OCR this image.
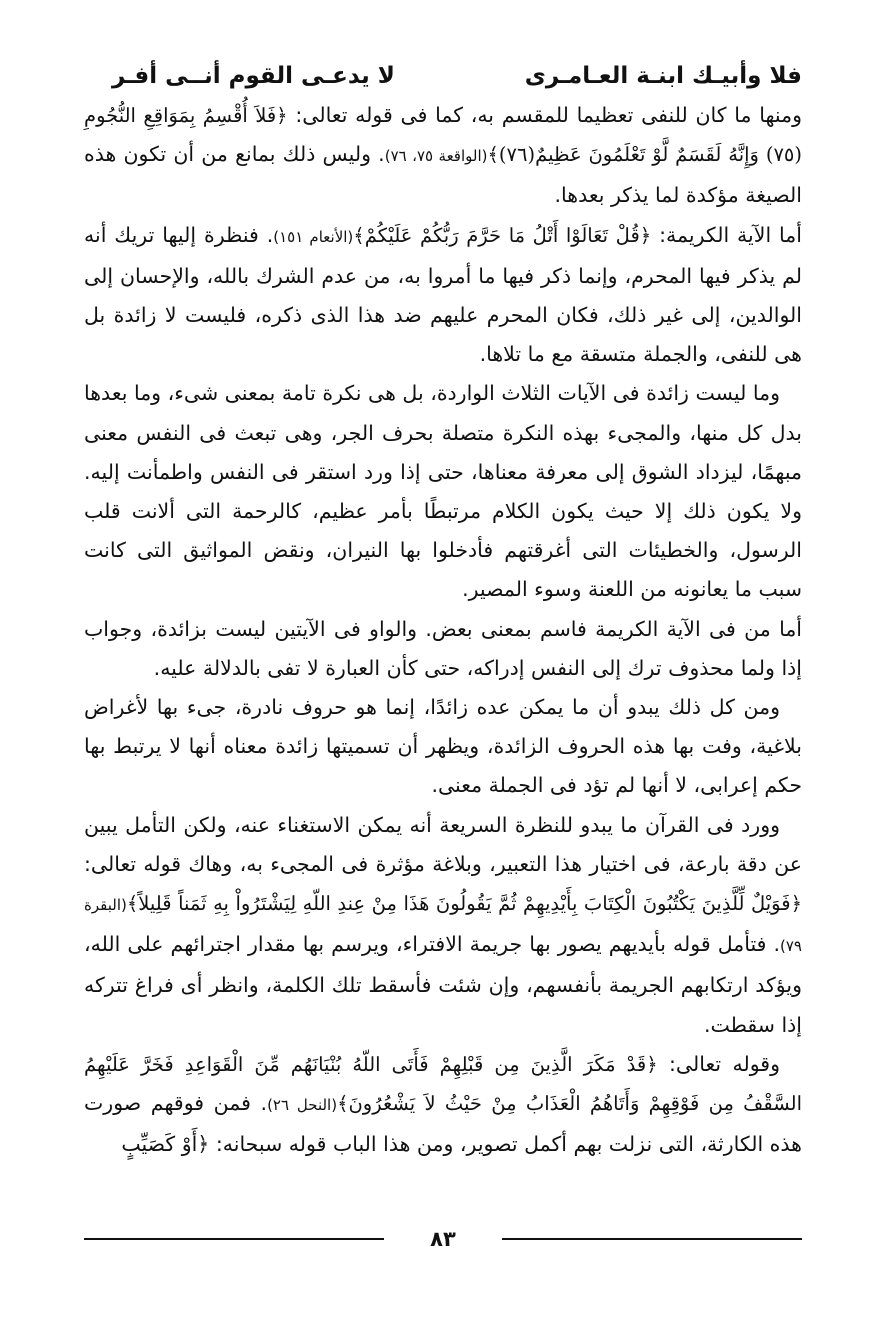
فلا وأبيـك ابنـة العـامـرى
لا يدعـى القوم أنــى أفـر

ومنها ما كان للنفى تعظيما للمقسم به، كما فى قوله تعالى: ﴿فَلاَ أُقْسِمُ بِمَوَاقِعِ النُّجُومِ (٧٥) وَإِنَّهُ لَقَسَمٌ لَّوْ تَعْلَمُونَ عَظِيمٌ(٧٦)﴾(الواقعة ٧٥، ٧٦). وليس ذلك بمانع من أن تكون هذه الصيغة مؤكدة لما يذكر بعدها.

أما الآية الكريمة: ﴿قُلْ تَعَالَوْا أَتْلُ مَا حَرَّمَ رَبُّكُمْ عَلَيْكُمْ﴾(الأنعام ١٥١). فنظرة إليها تريك أنه لم يذكر فيها المحرم، وإنما ذكر فيها ما أمروا به، من عدم الشرك بالله، والإحسان إلى الوالدين، إلى غير ذلك، فكان المحرم عليهم ضد هذا الذى ذكره، فليست لا زائدة بل هى للنفى، والجملة متسقة مع ما تلاها.

وما ليست زائدة فى الآيات الثلاث الواردة، بل هى نكرة تامة بمعنى شىء، وما بعدها بدل كل منها، والمجىء بهذه النكرة متصلة بحرف الجر، وهى تبعث فى النفس معنى مبهمًا، ليزداد الشوق إلى معرفة معناها، حتى إذا ورد استقر فى النفس واطمأنت إليه. ولا يكون ذلك إلا حيث يكون الكلام مرتبطًا بأمر عظيم، كالرحمة التى ألانت قلب الرسول، والخطيئات التى أغرقتهم فأدخلوا بها النيران، ونقض المواثيق التى كانت سبب ما يعانونه من اللعنة وسوء المصير.

أما من فى الآية الكريمة فاسم بمعنى بعض. والواو فى الآيتين ليست بزائدة، وجواب إذا ولما محذوف ترك إلى النفس إدراكه، حتى كأن العبارة لا تفى بالدلالة عليه.

ومن كل ذلك يبدو أن ما يمكن عده زائدًا، إنما هو حروف نادرة، جىء بها لأغراض بلاغية، وفت بها هذه الحروف الزائدة، ويظهر أن تسميتها زائدة معناه أنها لا يرتبط بها حكم إعرابى، لا أنها لم تؤد فى الجملة معنى.

وورد فى القرآن ما يبدو للنظرة السريعة أنه يمكن الاستغناء عنه، ولكن التأمل يبين عن دقة بارعة، فى اختيار هذا التعبير، وبلاغة مؤثرة فى المجىء به، وهاك قوله تعالى: ﴿فَوَيْلٌ لِّلَّذِينَ يَكْتُبُونَ الْكِتَابَ بِأَيْدِيهِمْ ثُمَّ يَقُولُونَ هَذَا مِنْ عِندِ اللّهِ لِيَشْتَرُواْ بِهِ ثَمَناً قَلِيلاً﴾(البقرة ٧٩). فتأمل قوله بأيديهم يصور بها جريمة الافتراء، ويرسم بها مقدار اجترائهم على الله، ويؤكد ارتكابهم الجريمة بأنفسهم، وإن شئت فأسقط تلك الكلمة، وانظر أى فراغ تتركه إذا سقطت.

وقوله تعالى: ﴿قَدْ مَكَرَ الَّذِينَ مِن قَبْلِهِمْ فَأَتَى اللّهُ بُنْيَانَهُم مِّنَ الْقَوَاعِدِ فَخَرَّ عَلَيْهِمُ السَّقْفُ مِن فَوْقِهِمْ وَأَتَاهُمُ الْعَذَابُ مِنْ حَيْثُ لاَ يَشْعُرُونَ﴾(النحل ٢٦). فمن فوقهم صورت هذه الكارثة، التى نزلت بهم أكمل تصوير، ومن هذا الباب قوله سبحانه: ﴿أَوْ كَصَيِّبٍ

٨٣
